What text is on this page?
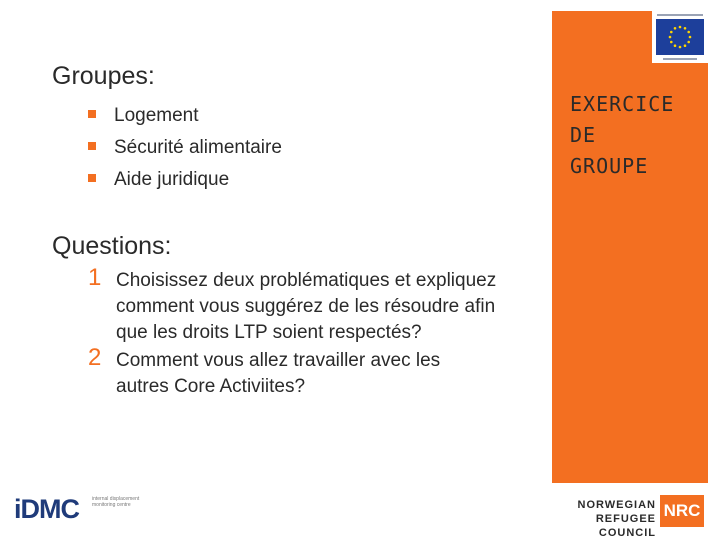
Groupes:
Logement
Sécurité alimentaire
Aide juridique
Questions:
1 Choisissez deux problématiques et expliquez comment vous suggérez de les résoudre afin que les droits LTP soient respectés?
2 Comment vous allez travailler avec les autres Core Activiites?
EXERCICE
DE
GROUPE
iDMC	internal displacement monitoring centre	NORWEGIAN
REFUGEE COUNCIL
NRC
